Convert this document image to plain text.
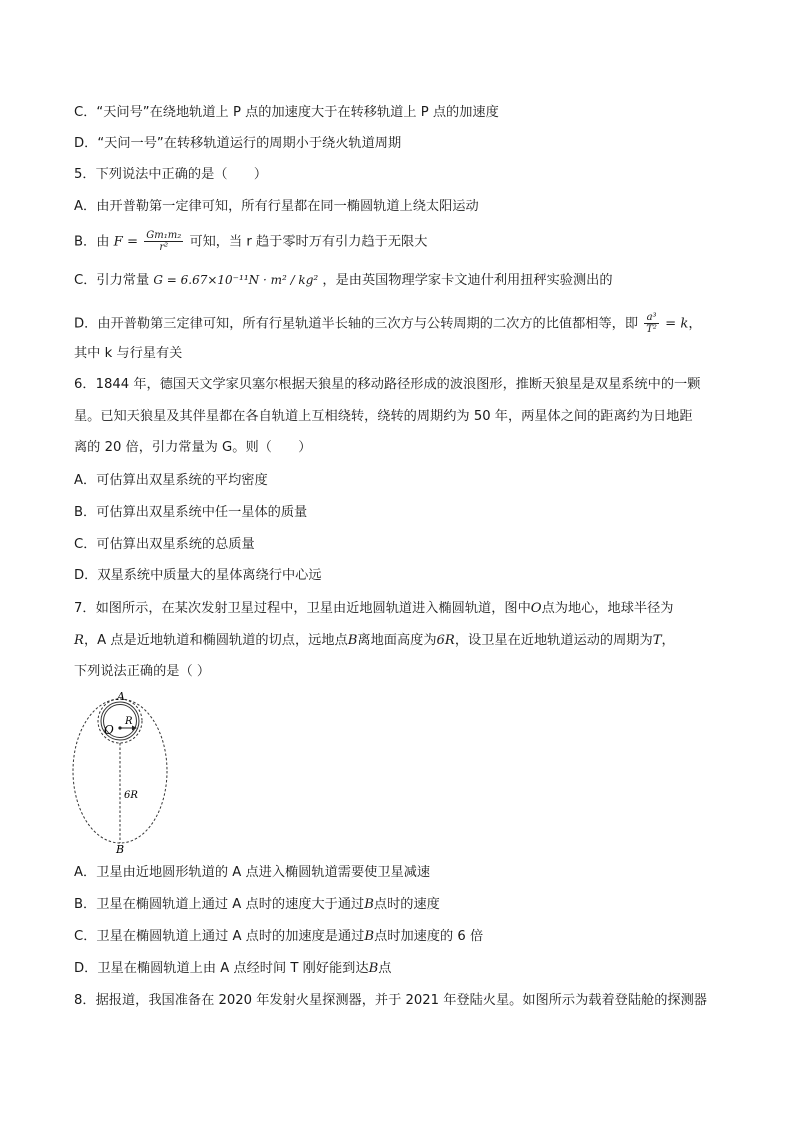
C．“天问号”在绕地轨道上 P 点的加速度大于在转移轨道上 P 点的加速度
D．“天问一号”在转移轨道运行的周期小于绕火轨道周期
5．下列说法中正确的是（　　）
A．由开普勒第一定律可知，所有行星都在同一椭圆轨道上绕太阳运动
B．由 $F = \frac{\text{Gm₁m₂}}{\text{r²}}$ 可知，当 r 趋于零时万有引力趋于无限大
C．引力常量 G = 6.67×10⁻¹¹N · m² / kg² ，是由英国物理学家卡文迪什利用扭秤实验测出的
D．由开普勒第三定律可知，所有行星轨道半长轴的三次方与公转周期的二次方的比值都相等，即 $\frac{\text{a³}}{\text{T²}} = k$，
其中 k 与行星有关
6．1844 年，德国天文学家贝塞尔根据天狼星的移动路径形成的波浪图形，推断天狼星是双星系统中的一颗
星。已知天狼星及其伴星都在各自轨道上互相绕转，绕转的周期约为 50 年，两星体之间的距离约为日地距
离的 20 倍，引力常量为 G。则（　　）
A．可估算出双星系统的平均密度
B．可估算出双星系统中任一星体的质量
C．可估算出双星系统的总质量
D．双星系统中质量大的星体离绕行中心远
7．如图所示，在某次发射卫星过程中，卫星由近地圆轨道进入椭圆轨道，图中O点为地心，地球半径为
R，A 点是近地轨道和椭圆轨道的切点，远地点B离地面高度为6R，设卫星在近地轨道运动的周期为T，
下列说法正确的是（ ）
A
O
R
6R
B
A．卫星由近地圆形轨道的 A 点进入椭圆轨道需要使卫星减速
B．卫星在椭圆轨道上通过 A 点时的速度大于通过B点时的速度
C．卫星在椭圆轨道上通过 A 点时的加速度是通过B点时加速度的 6 倍
D．卫星在椭圆轨道上由 A 点经时间 T 刚好能到达B点
8．据报道，我国准备在 2020 年发射火星探测器，并于 2021 年登陆火星。如图所示为载着登陆舱的探测器
